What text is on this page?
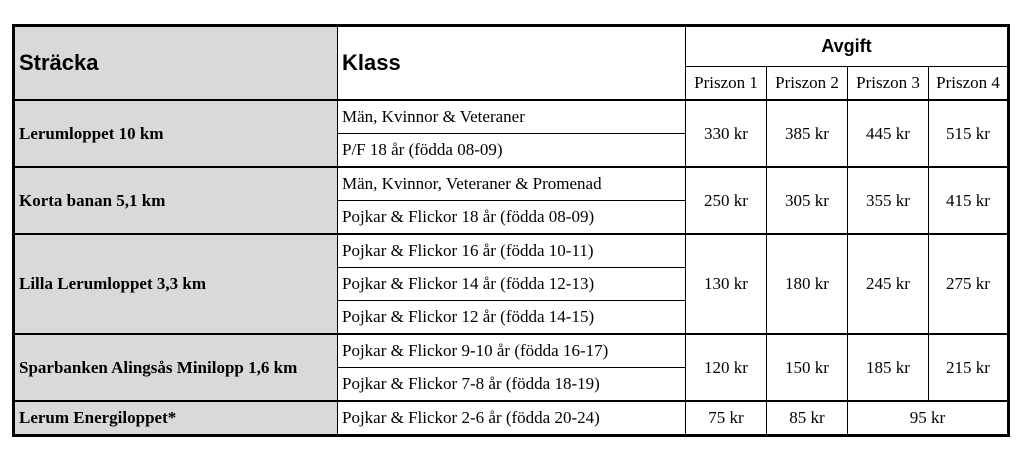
Sträcka	Klass	Avgift			
		Priszon 1	Priszon 2	Priszon 3	Priszon 4
Lerumloppet 10 km	Män, Kvinnor & Veteraner	330 kr	385 kr	445 kr	515 kr
	P/F 18 år (födda 08-09)				
Korta banan 5,1 km	Män, Kvinnor, Veteraner & Promenad	250 kr	305 kr	355 kr	415 kr
	Pojkar & Flickor 18 år (födda 08-09)				
Lilla Lerumloppet 3,3 km	Pojkar & Flickor 16 år (födda 10-11)	130 kr	180 kr	245 kr	275 kr
	Pojkar & Flickor 14 år (födda 12-13)				
	Pojkar & Flickor 12 år (födda 14-15)				
Sparbanken Alingsås Minilopp 1,6 km	Pojkar & Flickor 9-10 år (födda 16-17)	120 kr	150 kr	185 kr	215 kr
	Pojkar & Flickor 7-8 år (födda 18-19)				
Lerum Energiloppet*	Pojkar & Flickor 2-6 år (födda 20-24)	75 kr	85 kr	95 kr	
